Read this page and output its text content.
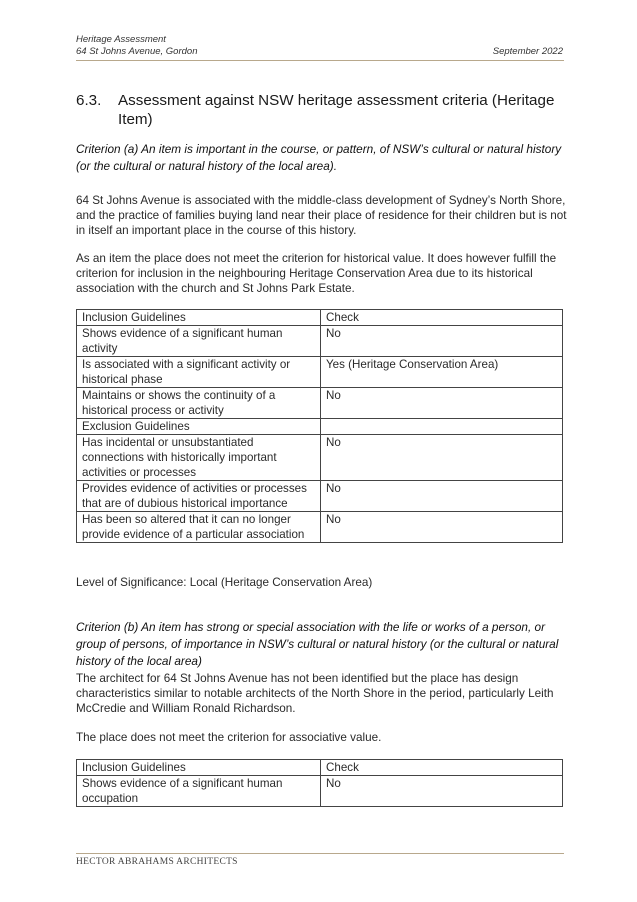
Heritage Assessment
64 St Johns Avenue, Gordon	September 2022
6.3. Assessment against NSW heritage assessment criteria (Heritage
Item)
Criterion (a) An item is important in the course, or pattern, of NSW’s cultural or natural history (or the cultural or natural history of the local area).
64 St Johns Avenue is associated with the middle-class development of Sydney’s North Shore, and the practice of families buying land near their place of residence for their children but is not in itself an important place in the course of this history.
As an item the place does not meet the criterion for historical value. It does however fulfill the criterion for inclusion in the neighbouring Heritage Conservation Area due to its historical association with the church and St Johns Park Estate.
Inclusion Guidelines	Check
Shows evidence of a significant human activity	No
Is associated with a significant activity or historical phase	Yes (Heritage Conservation Area)
Maintains or shows the continuity of a historical process or activity	No
Exclusion Guidelines	
Has incidental or unsubstantiated connections with historically important activities or processes	No
Provides evidence of activities or processes that are of dubious historical importance	No
Has been so altered that it can no longer provide evidence of a particular association	No
Level of Significance: Local (Heritage Conservation Area)
Criterion (b) An item has strong or special association with the life or works of a person, or group of persons, of importance in NSW’s cultural or natural history (or the cultural or natural history of the local area)
The architect for 64 St Johns Avenue has not been identified but the place has design characteristics similar to notable architects of the North Shore in the period, particularly Leith McCredie and William Ronald Richardson.
The place does not meet the criterion for associative value.
Inclusion Guidelines	Check
Shows evidence of a significant human occupation	No
HECTOR ABRAHAMS ARCHITECTS
